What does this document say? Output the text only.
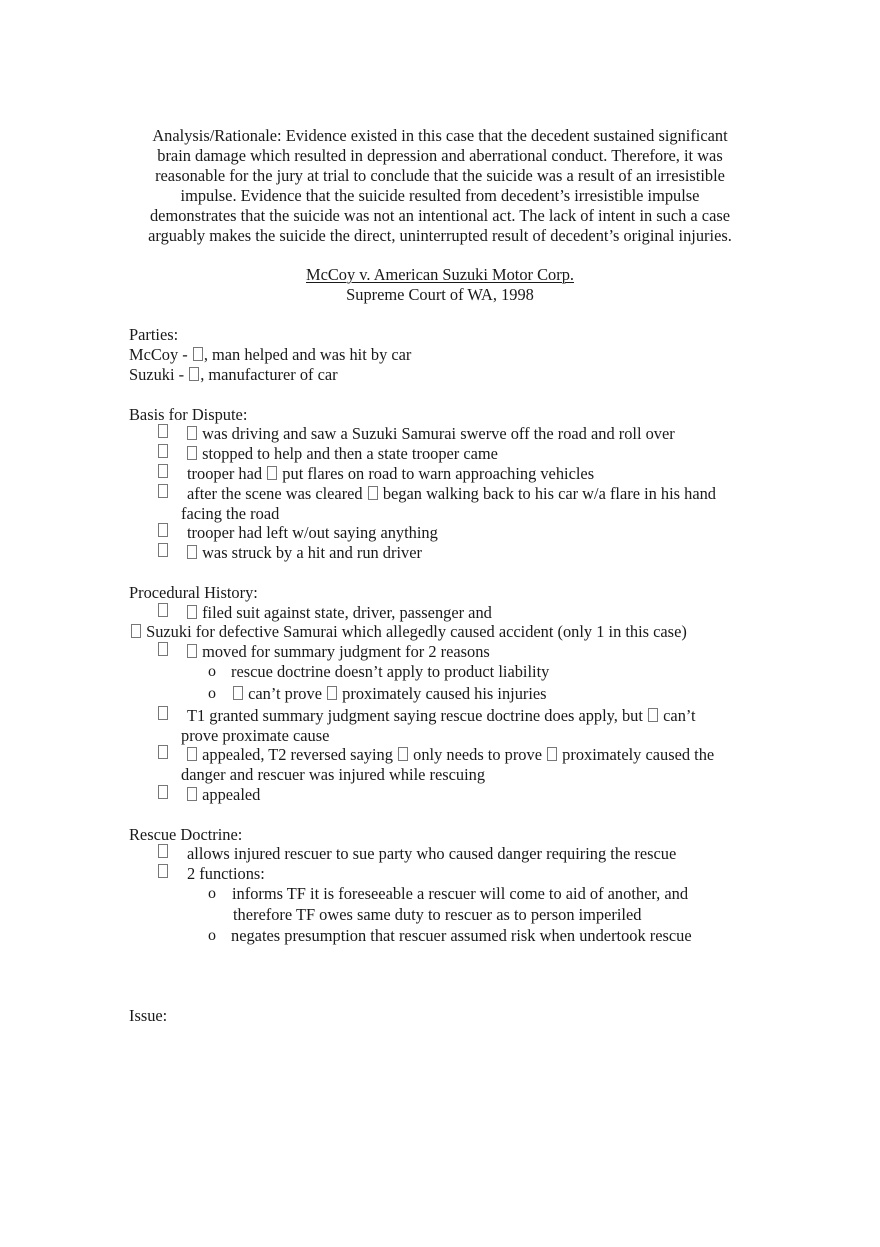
Analysis/Rationale: Evidence existed in this case that the decedent sustained significant
brain damage which resulted in depression and aberrational conduct. Therefore, it was
reasonable for the jury at trial to conclude that the suicide was a result of an irresistible
impulse. Evidence that the suicide resulted from decedent’s irresistible impulse
demonstrates that the suicide was not an intentional act. The lack of intent in such a case
arguably makes the suicide the direct, uninterrupted result of decedent’s original injuries.
McCoy v. American Suzuki Motor Corp.
Supreme Court of WA, 1998
Parties:
McCoy - , man helped and was hit by car
Suzuki - , manufacturer of car
Basis for Dispute:
was driving and saw a Suzuki Samurai swerve off the road and roll over
stopped to help and then a state trooper came
trooper had  put flares on road to warn approaching vehicles
after the scene was cleared  began walking back to his car w/a flare in his hand
facing the road
trooper had left w/out saying anything
was struck by a hit and run driver
Procedural History:
filed suit against state, driver, passenger and
Suzuki for defective Samurai which allegedly caused accident (only 1 in this case)
moved for summary judgment for 2 reasons
o rescue doctrine doesn’t apply to product liability
o	can’t prove  proximately caused his injuries
T1 granted summary judgment saying rescue doctrine does apply, but  can’t
prove proximate cause
appealed, T2 reversed saying  only needs to prove  proximately caused the
danger and rescuer was injured while rescuing
appealed
Rescue Doctrine:
allows injured rescuer to sue party who caused danger requiring the rescue
2 functions:
o informs TF it is foreseeable a rescuer will come to aid of another, and
therefore TF owes same duty to rescuer as to person imperiled
o negates presumption that rescuer assumed risk when undertook rescue
Issue:
